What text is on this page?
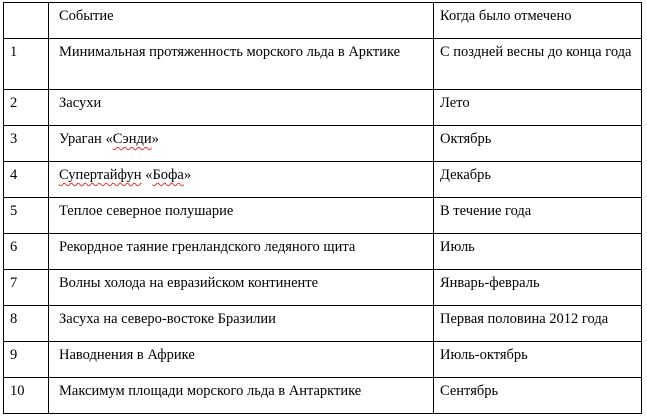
	Событие	Когда было отмечено
1	Минимальная протяженность морского льда в Арктике	С поздней весны до конца года
2	Засухи	Лето
3	Ураган «Сэнди»	Октябрь
4	Супертайфун «Бофа»	Декабрь
5	Теплое северное полушарие	В течение года
6	Рекордное таяние гренландского ледяного щита	Июль
7	Волны холода на евразийском континенте	Январь-февраль
8	Засуха на северо-востоке Бразилии	Первая половина 2012 года
9	Наводнения в Африке	Июль-октябрь
10	Максимум площади морского льда в Антарктике	Сентябрь
